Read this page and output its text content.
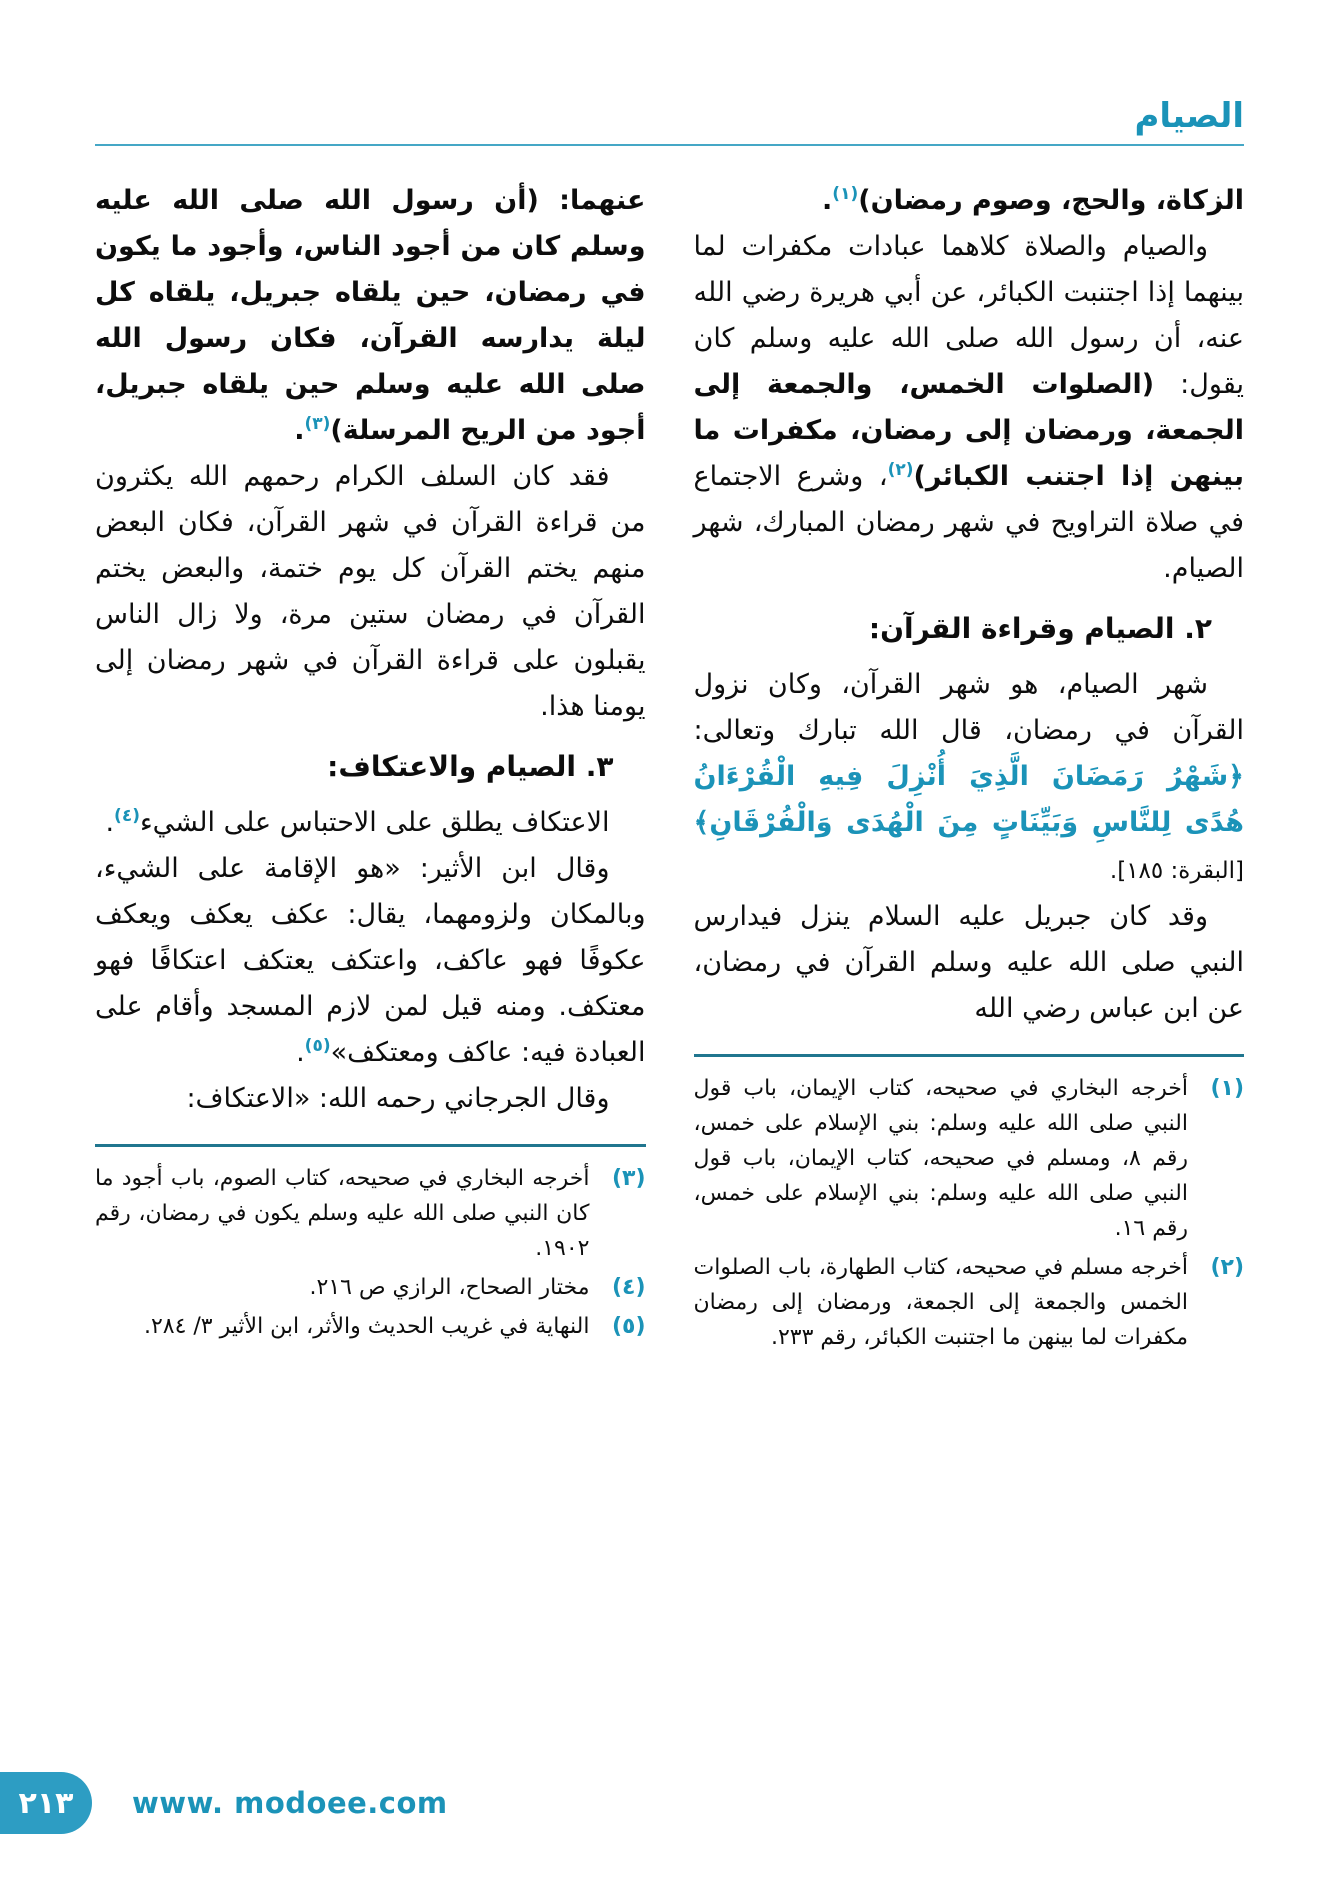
الصيام

الزكاة، والحج، وصوم رمضان)$^{(١)}$.

والصيام والصلاة كلاهما عبادات مكفرات لما بينهما إذا اجتنبت الكبائر، عن أبي هريرة رضي الله عنه، أن رسول الله صلى الله عليه وسلم كان يقول: (الصلوات الخمس، والجمعة إلى الجمعة، ورمضان إلى رمضان، مكفرات ما بينهن إذا اجتنب الكبائر)$^{(٢)}$، وشرع الاجتماع في صلاة التراويح في شهر رمضان المبارك، شهر الصيام.

٢. الصيام وقراءة القرآن:

شهر الصيام، هو شهر القرآن، وكان نزول القرآن في رمضان، قال الله تبارك وتعالى: ﴿شَهْرُ رَمَضَانَ الَّذِيَ أُنْزِلَ فِيهِ الْقُرْءَانُ هُدًى لِلنَّاسِ وَبَيِّنَاتٍ مِنَ الْهُدَى وَالْفُرْقَانِ﴾ [البقرة: ١٨٥].

وقد كان جبريل عليه السلام ينزل فيدارس النبي صلى الله عليه وسلم القرآن في رمضان، عن ابن عباس رضي الله

(١)
أخرجه البخاري في صحيحه، كتاب الإيمان، باب قول النبي صلى الله عليه وسلم: بني الإسلام على خمس، رقم ٨، ومسلم في صحيحه، كتاب الإيمان، باب قول النبي صلى الله عليه وسلم: بني الإسلام على خمس، رقم ١٦.
(٢)
أخرجه مسلم في صحيحه، كتاب الطهارة، باب الصلوات الخمس والجمعة إلى الجمعة، ورمضان إلى رمضان مكفرات لما بينهن ما اجتنبت الكبائر، رقم ٢٣٣.

عنهما: (أن رسول الله صلى الله عليه وسلم كان من أجود الناس، وأجود ما يكون في رمضان، حين يلقاه جبريل، يلقاه كل ليلة يدارسه القرآن، فكان رسول الله صلى الله عليه وسلم حين يلقاه جبريل، أجود من الريح المرسلة)$^{(٣)}$.

فقد كان السلف الكرام رحمهم الله يكثرون من قراءة القرآن في شهر القرآن، فكان البعض منهم يختم القرآن كل يوم ختمة، والبعض يختم القرآن في رمضان ستين مرة، ولا زال الناس يقبلون على قراءة القرآن في شهر رمضان إلى يومنا هذا.

٣. الصيام والاعتكاف:

الاعتكاف يطلق على الاحتباس على الشيء$^{(٤)}$.

وقال ابن الأثير: «هو الإقامة على الشيء، وبالمكان ولزومهما، يقال: عكف يعكف ويعكف عكوفًا فهو عاكف، واعتكف يعتكف اعتكافًا فهو معتكف. ومنه قيل لمن لازم المسجد وأقام على العبادة فيه: عاكف ومعتكف»$^{(٥)}$.

وقال الجرجاني رحمه الله: «الاعتكاف:

(٣)
أخرجه البخاري في صحيحه، كتاب الصوم، باب أجود ما كان النبي صلى الله عليه وسلم يكون في رمضان، رقم ١٩٠٢.
(٤)
مختار الصحاح، الرازي ص ٢١٦.
(٥)
النهاية في غريب الحديث والأثر، ابن الأثير ٣/ ٢٨٤.
٢١٣	www. modoee.com
